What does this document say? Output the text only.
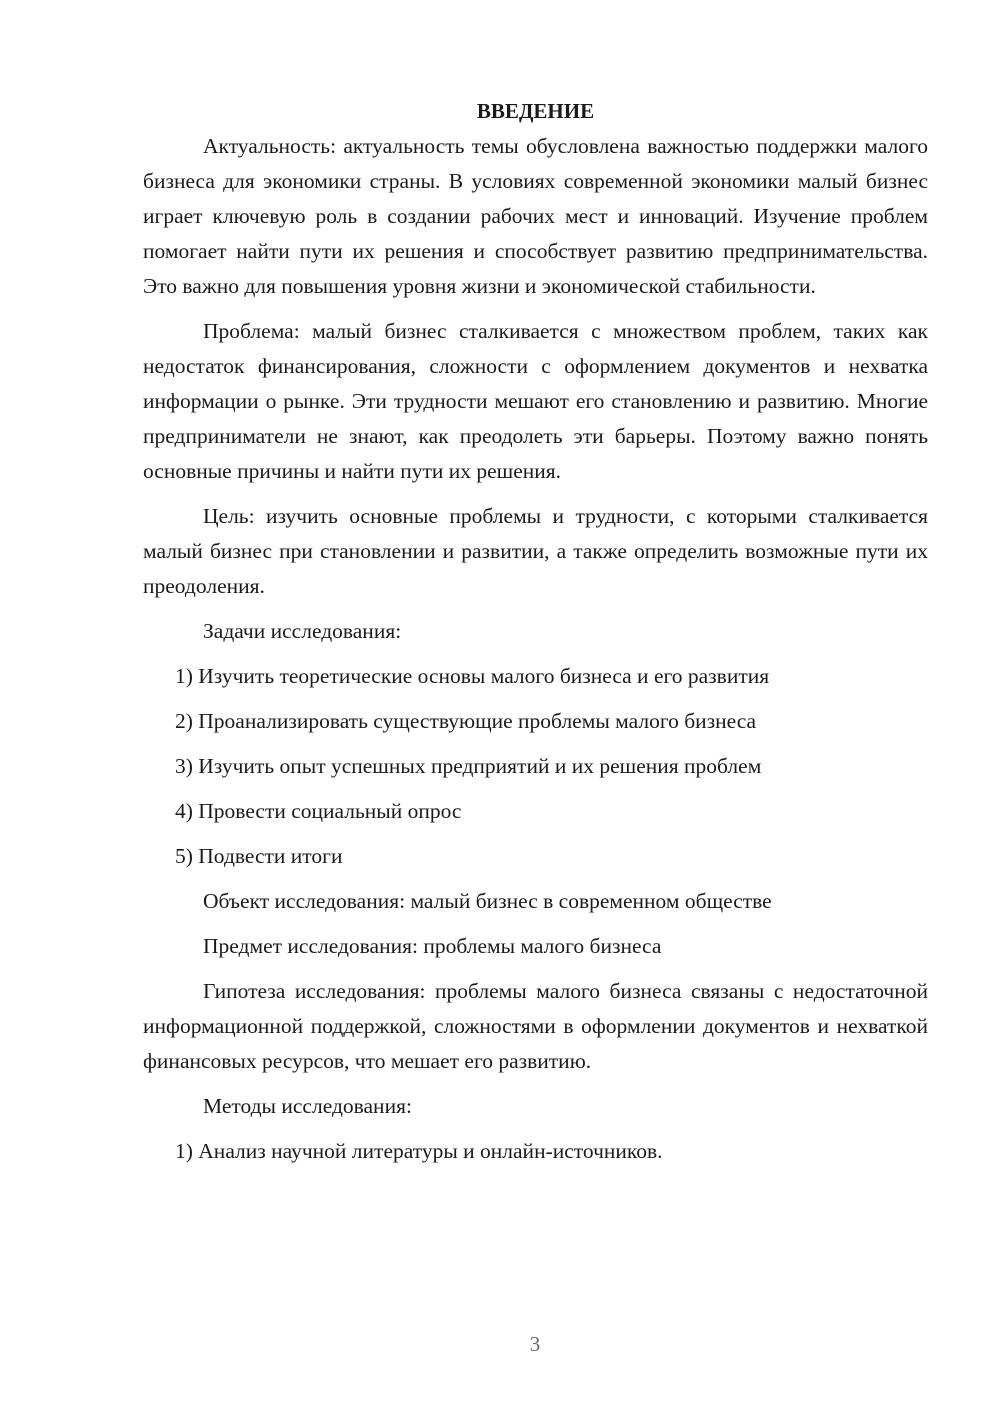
ВВЕДЕНИЕ

Актуальность: актуальность темы обусловлена важностью поддержки малого бизнеса для экономики страны. В условиях современной экономики малый бизнес играет ключевую роль в создании рабочих мест и инноваций. Изучение проблем помогает найти пути их решения и способствует развитию предпринимательства. Это важно для повышения уровня жизни и экономической стабильности.

Проблема: малый бизнес сталкивается с множеством проблем, таких как недостаток финансирования, сложности с оформлением документов и нехватка информации о рынке. Эти трудности мешают его становлению и развитию. Многие предприниматели не знают, как преодолеть эти барьеры. Поэтому важно понять основные причины и найти пути их решения.

Цель: изучить основные проблемы и трудности, с которыми сталкивается малый бизнес при становлении и развитии, а также определить возможные пути их преодоления.

Задачи исследования:
1) Изучить теоретические основы малого бизнеса и его развития
2) Проанализировать существующие проблемы малого бизнеса
3) Изучить опыт успешных предприятий и их решения проблем
4) Провести социальный опрос
5) Подвести итоги
Объект исследования: малый бизнес в современном обществе
Предмет исследования: проблемы малого бизнеса

Гипотеза исследования: проблемы малого бизнеса связаны с недостаточной информационной поддержкой, сложностями в оформлении документов и нехваткой финансовых ресурсов, что мешает его развитию.

Методы исследования:
1) Анализ научной литературы и онлайн-источников.
3
